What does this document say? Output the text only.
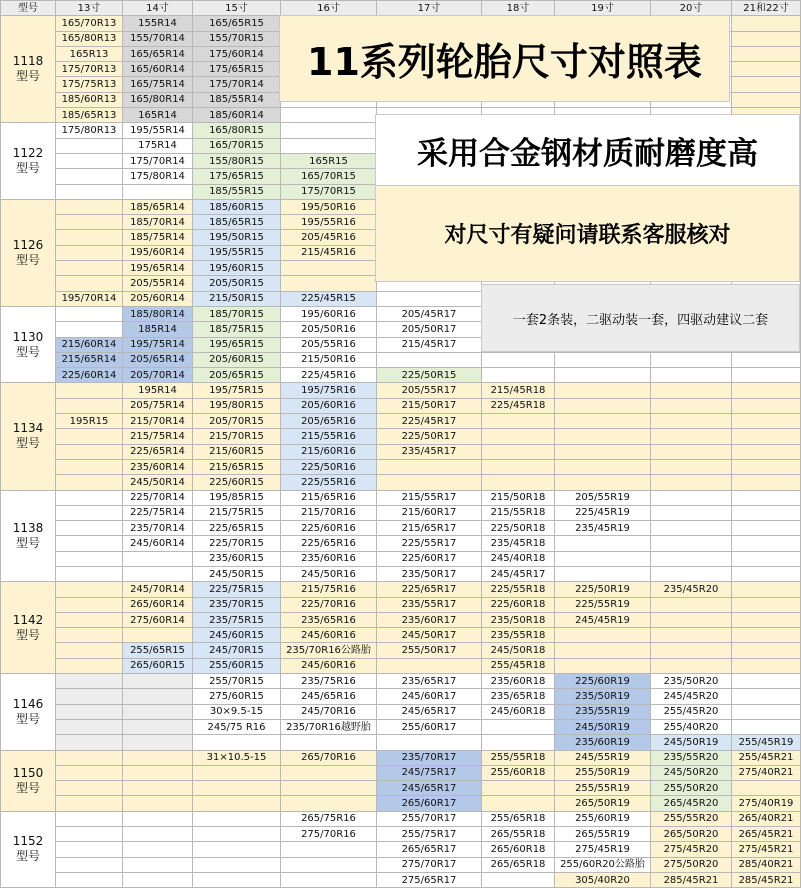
型号	13寸	14寸	15寸	16寸	17寸	18寸	19寸	20寸	21和22寸
1118
型号	165/70R13	155R14	165/65R15						
	165/80R13	155/70R14	155/70R15						
	165R13	165/65R14	175/60R14						
	175/70R13	165/60R14	175/65R15						
	175/75R13	165/75R14	175/70R14						
	185/60R13	165/80R14	185/55R14						
	185/65R13	165R14	185/60R14						
1122
型号	175/80R13	195/55R14	165/80R15						
		175R14	165/70R15						
		175/70R14	155/80R15	165R15					
		175/80R14	175/65R15	165/70R15					
			185/55R15	175/70R15					
1126
型号		185/65R14	185/60R15	195/50R16					
		185/70R14	185/65R15	195/55R16					
		185/75R14	195/50R15	205/45R16					
		195/60R14	195/55R15	215/45R16					
		195/65R14	195/60R15						
		205/55R14	205/50R15						
	195/70R14	205/60R14	215/50R15	225/45R15					
1130
型号		185/80R14	185/70R15	195/60R16	205/45R17				
		185R14	185/75R15	205/50R16	205/50R17				
	215/60R14	195/75R14	195/65R15	205/55R16	215/45R17				
	215/65R14	205/65R14	205/60R15	215/50R16					
	225/60R14	205/70R14	205/65R15	225/45R16	225/50R15				
1134
型号		195R14	195/75R15	195/75R16	205/55R17	215/45R18			
		205/75R14	195/80R15	205/60R16	215/50R17	225/45R18			
	195R15	215/70R14	205/70R15	205/65R16	225/45R17				
		215/75R14	215/70R15	215/55R16	225/50R17				
		225/65R14	215/60R15	215/60R16	235/45R17				
		235/60R14	215/65R15	225/50R16					
		245/50R14	225/60R15	225/55R16					
1138
型号		225/70R14	195/85R15	215/65R16	215/55R17	215/50R18	205/55R19		
		225/75R14	215/75R15	215/70R16	215/60R17	215/55R18	225/45R19		
		235/70R14	225/65R15	225/60R16	215/65R17	225/50R18	235/45R19		
		245/60R14	225/70R15	225/65R16	225/55R17	235/45R18			
			235/60R15	235/60R16	225/60R17	245/40R18			
			245/50R15	245/50R16	235/50R17	245/45R17			
1142
型号		245/70R14	225/75R15	215/75R16	225/65R17	225/55R18	225/50R19	235/45R20	
		265/60R14	235/70R15	225/70R16	235/55R17	225/60R18	225/55R19		
		275/60R14	235/75R15	235/65R16	235/60R17	235/50R18	245/45R19		
			245/60R15	245/60R16	245/50R17	235/55R18			
		255/65R15	245/70R15	235/70R16公路胎	255/50R17	245/50R18			
		265/60R15	255/60R15	245/60R16		255/45R18			
1146
型号			255/70R15	235/75R16	235/65R17	235/60R18	225/60R19	235/50R20	
			275/60R15	245/65R16	245/60R17	235/65R18	235/50R19	245/45R20	
			30×9.5-15	245/70R16	245/65R17	245/60R18	235/55R19	255/45R20	
			245/75 R16	235/70R16越野胎	255/60R17		245/50R19	255/40R20	
							235/60R19	245/50R19	255/45R19
1150
型号			31×10.5-15	265/70R16	235/70R17	255/55R18	245/55R19	235/55R20	255/45R21
					245/75R17	255/60R18	255/50R19	245/50R20	275/40R21
					245/65R17		255/55R19	255/50R20	
					265/60R17		265/50R19	265/45R20	275/40R19
1152
型号				265/75R16	255/70R17	255/65R18	255/60R19	255/55R20	265/40R21
				275/70R16	255/75R17	265/55R18	265/55R19	265/50R20	265/45R21
					265/65R17	265/60R18	275/45R19	275/45R20	275/45R21
					275/70R17	265/65R18	255/60R20公路胎	275/50R20	285/40R21
					275/65R17		305/40R20	285/45R21	285/45R21
11系列轮胎尺寸对照表
采用合金钢材质耐磨度高
对尺寸有疑问请联系客服核对
一套2条装，二驱动装一套，四驱动建议二套
